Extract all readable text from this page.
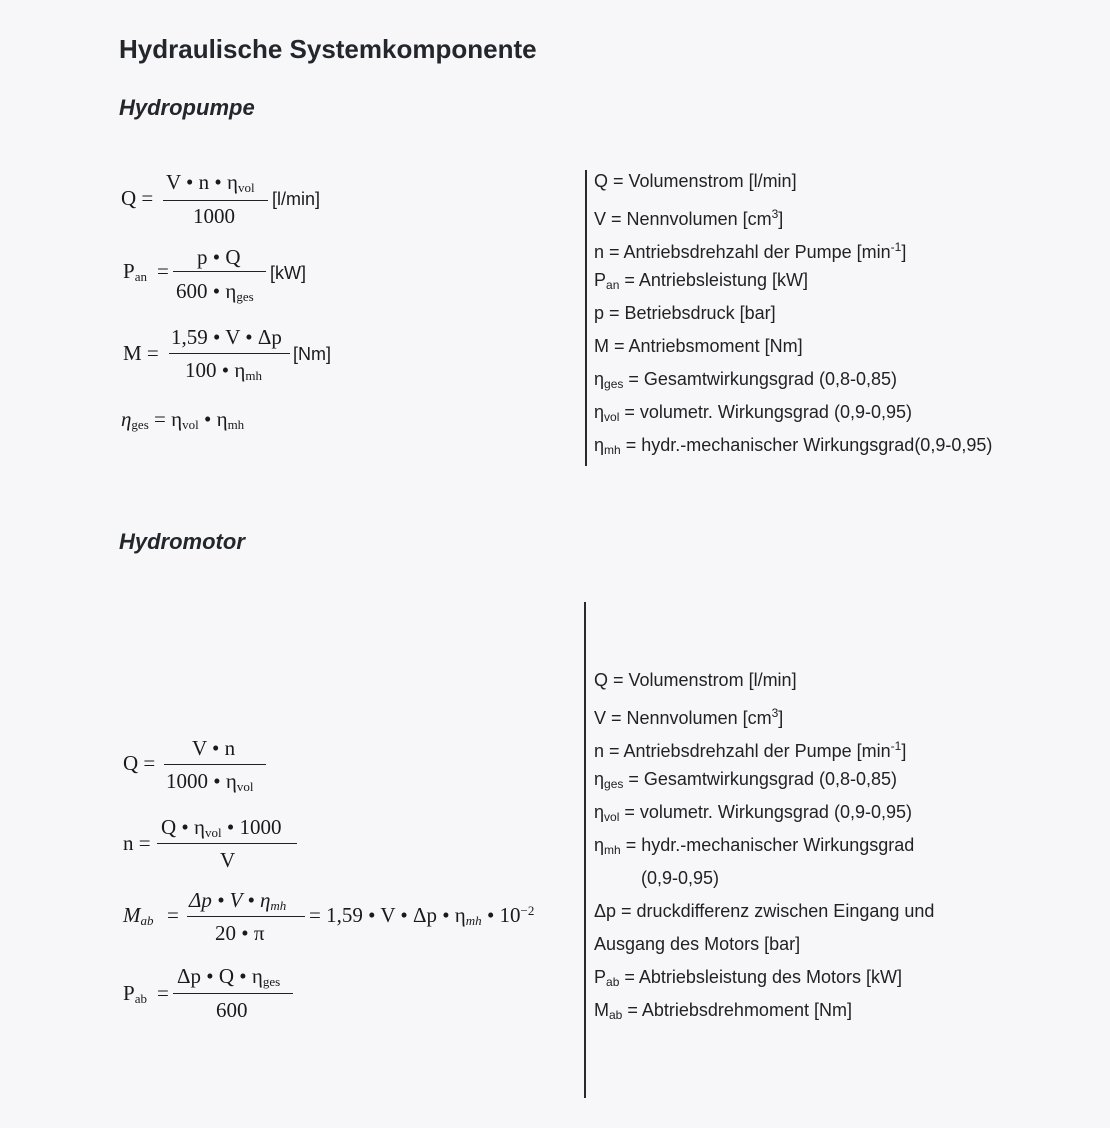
Hydraulische Systemkomponente
Hydropumpe
Hydromotor
Q =
V • n • $\eta_{vol}$
1000
[l/min]
$P_{an}$ =
p • Q
600 • $\eta_{ges}$
[kW]
M =
1,59 • V • Δp
100 • $\eta_{mh}$
[Nm]
$\eta_{ges} = \eta_{vol}$ • $\eta_{mh}$
Q = Volumenstrom [l/min]
V = Nennvolumen $[cm^3]$
n = Antriebsdrehzahl der Pumpe $[\min^{-1}]$
$P_{an}$ = Antriebsleistung [kW]
p = Betriebsdruck [bar]
M = Antriebsmoment [Nm]
$\eta_{ges}$ = Gesamtwirkungsgrad (0,8-0,85)
$\eta_{vol}$ = volumetr. Wirkungsgrad (0,9-0,95)
$\eta_{mh}$ = hydr.-mechanischer Wirkungsgrad(0,9-0,95)
Q =
V • n
1000 • $\eta_{vol}$
n =
Q • $\eta_{vol}$ • 1000
V
$M_{ab}$ =
Δp • V • $\eta_{mh}$
20 • π
= 1,59 • V • Δp • $\eta_{mh}$ • $10^{-2}$
$P_{ab}$ =
Δp • Q • $\eta_{ges}$
600
Q = Volumenstrom [l/min]
V = Nennvolumen $[cm^3]$
n = Antriebsdrehzahl der Pumpe $[\min^{-1}]$
$\eta_{ges}$ = Gesamtwirkungsgrad (0,8-0,85)
$\eta_{vol}$ = volumetr. Wirkungsgrad (0,9-0,95)
$\eta_{mh}$ = hydr.-mechanischer Wirkungsgrad
(0,9-0,95)
Δp = druckdifferenz zwischen Eingang und
Ausgang des Motors [bar]
$P_{ab}$ = Abtriebsleistung des Motors [kW]
$M_{ab}$ = Abtriebsdrehmoment [Nm]
